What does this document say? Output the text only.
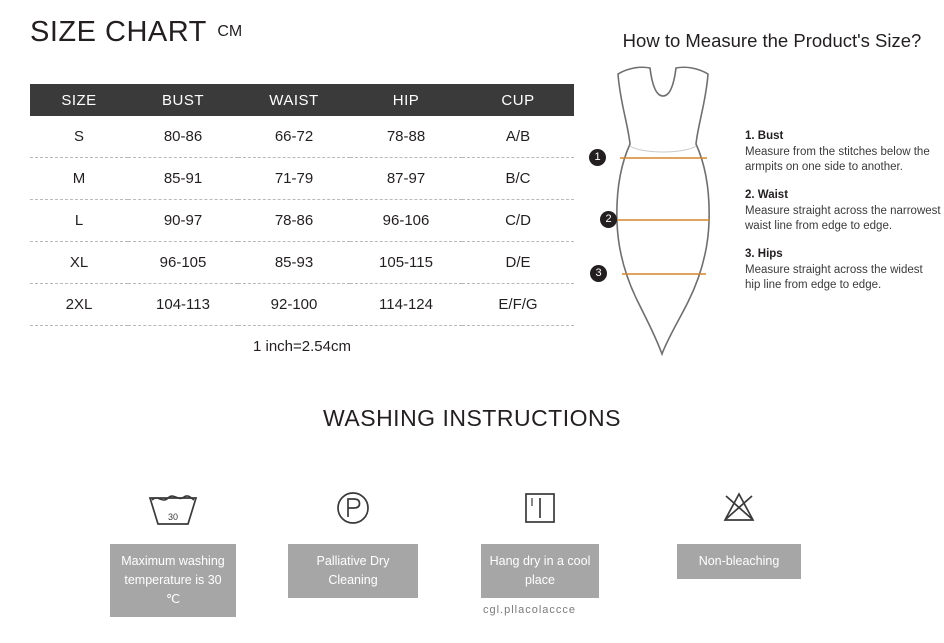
SIZE CHART CM
SIZE	BUST	WAIST	HIP	CUP
S	80-86	66-72	78-88	A/B
M	85-91	71-79	87-97	B/C
L	90-97	78-86	96-106	C/D
XL	96-105	85-93	105-115	D/E
2XL	104-113	92-100	114-124	E/F/G
1 inch=2.54cm
How to Measure the Product's Size?
1
2
3

1. Bust

Measure from the stitches below the armpits on one side to another.

2. Waist

Measure straight across the narrowest waist line from edge to edge.

3. Hips

Measure straight across the widest hip line from edge to edge.

WASHING INSTRUCTIONS
30
Maximum washing temperature is 30 ℃
Palliative Dry Cleaning
Hang dry in a cool place
Non-bleaching
cgl.pllacolaccce
